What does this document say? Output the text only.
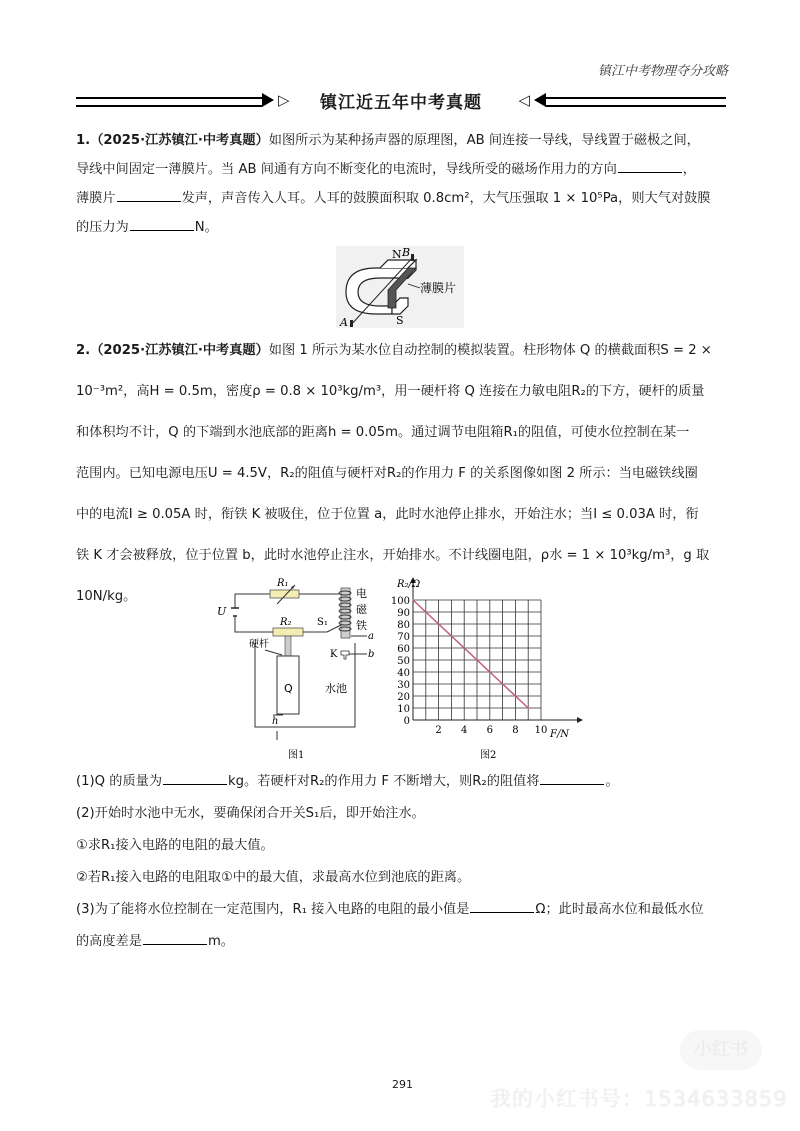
镇江中考物理夺分攻略
▷	镇江近五年中考真题	◁
1.（2025·江苏镇江·中考真题）如图所示为某种扬声器的原理图，AB 间连接一导线，导线置于磁极之间，
导线中间固定一薄膜片。当 AB 间通有方向不断变化的电流时，导线所受的磁场作用力的方向	，
薄膜片	发声，声音传入人耳。人耳的鼓膜面积取 0.8cm²，大气压强取 1 × 10⁵Pa，则大气对鼓膜
的压力为	N。
N
S
A
B
薄膜片
2.（2025·江苏镇江·中考真题）如图 1 所示为某水位自动控制的模拟装置。柱形物体 Q 的横截面积S = 2 ×
10⁻³m²，高H = 0.5m，密度ρ = 0.8 × 10³kg/m³，用一硬杆将 Q 连接在力敏电阻R₂的下方，硬杆的质量
和体积均不计，Q 的下端到水池底部的距离h = 0.05m。通过调节电阻箱R₁的阻值，可使水位控制在某一
范围内。已知电源电压U = 4.5V，R₂的阻值与硬杆对R₂的作用力 F 的关系图像如图 2 所示：当电磁铁线圈
中的电流I ≥ 0.05A 时，衔铁 K 被吸住，位于位置 a，此时水池停止排水，开始注水；当I ≤ 0.03A 时，衔
铁 K 才会被释放，位于位置 b，此时水池停止注水，开始排水。不计线圈电阻，ρ水 = 1 × 10³kg/m³，g 取
10N/kg。
U
R₁
R₂	S₁
电
磁
铁
a
b
K
硬杆
Q	水池
h
图1
0
10
20
30
40
50
60
70
80
90
100
2 4 6 8 10
R₂/Ω
F/N
图2
(1)Q 的质量为	kg。若硬杆对R₂的作用力 F 不断增大，则R₂的阻值将	。
(2)开始时水池中无水，要确保闭合开关S₁后，即开始注水。
①求R₁接入电路的电阻的最大值。
②若R₁接入电路的电阻取①中的最大值，求最高水位到池底的距离。
(3)为了能将水位控制在一定范围内，R₁ 接入电路的电阻的最小值是	Ω；此时最高水位和最低水位
的高度差是	m。
小红书
291
我的小红书号：1534633859
